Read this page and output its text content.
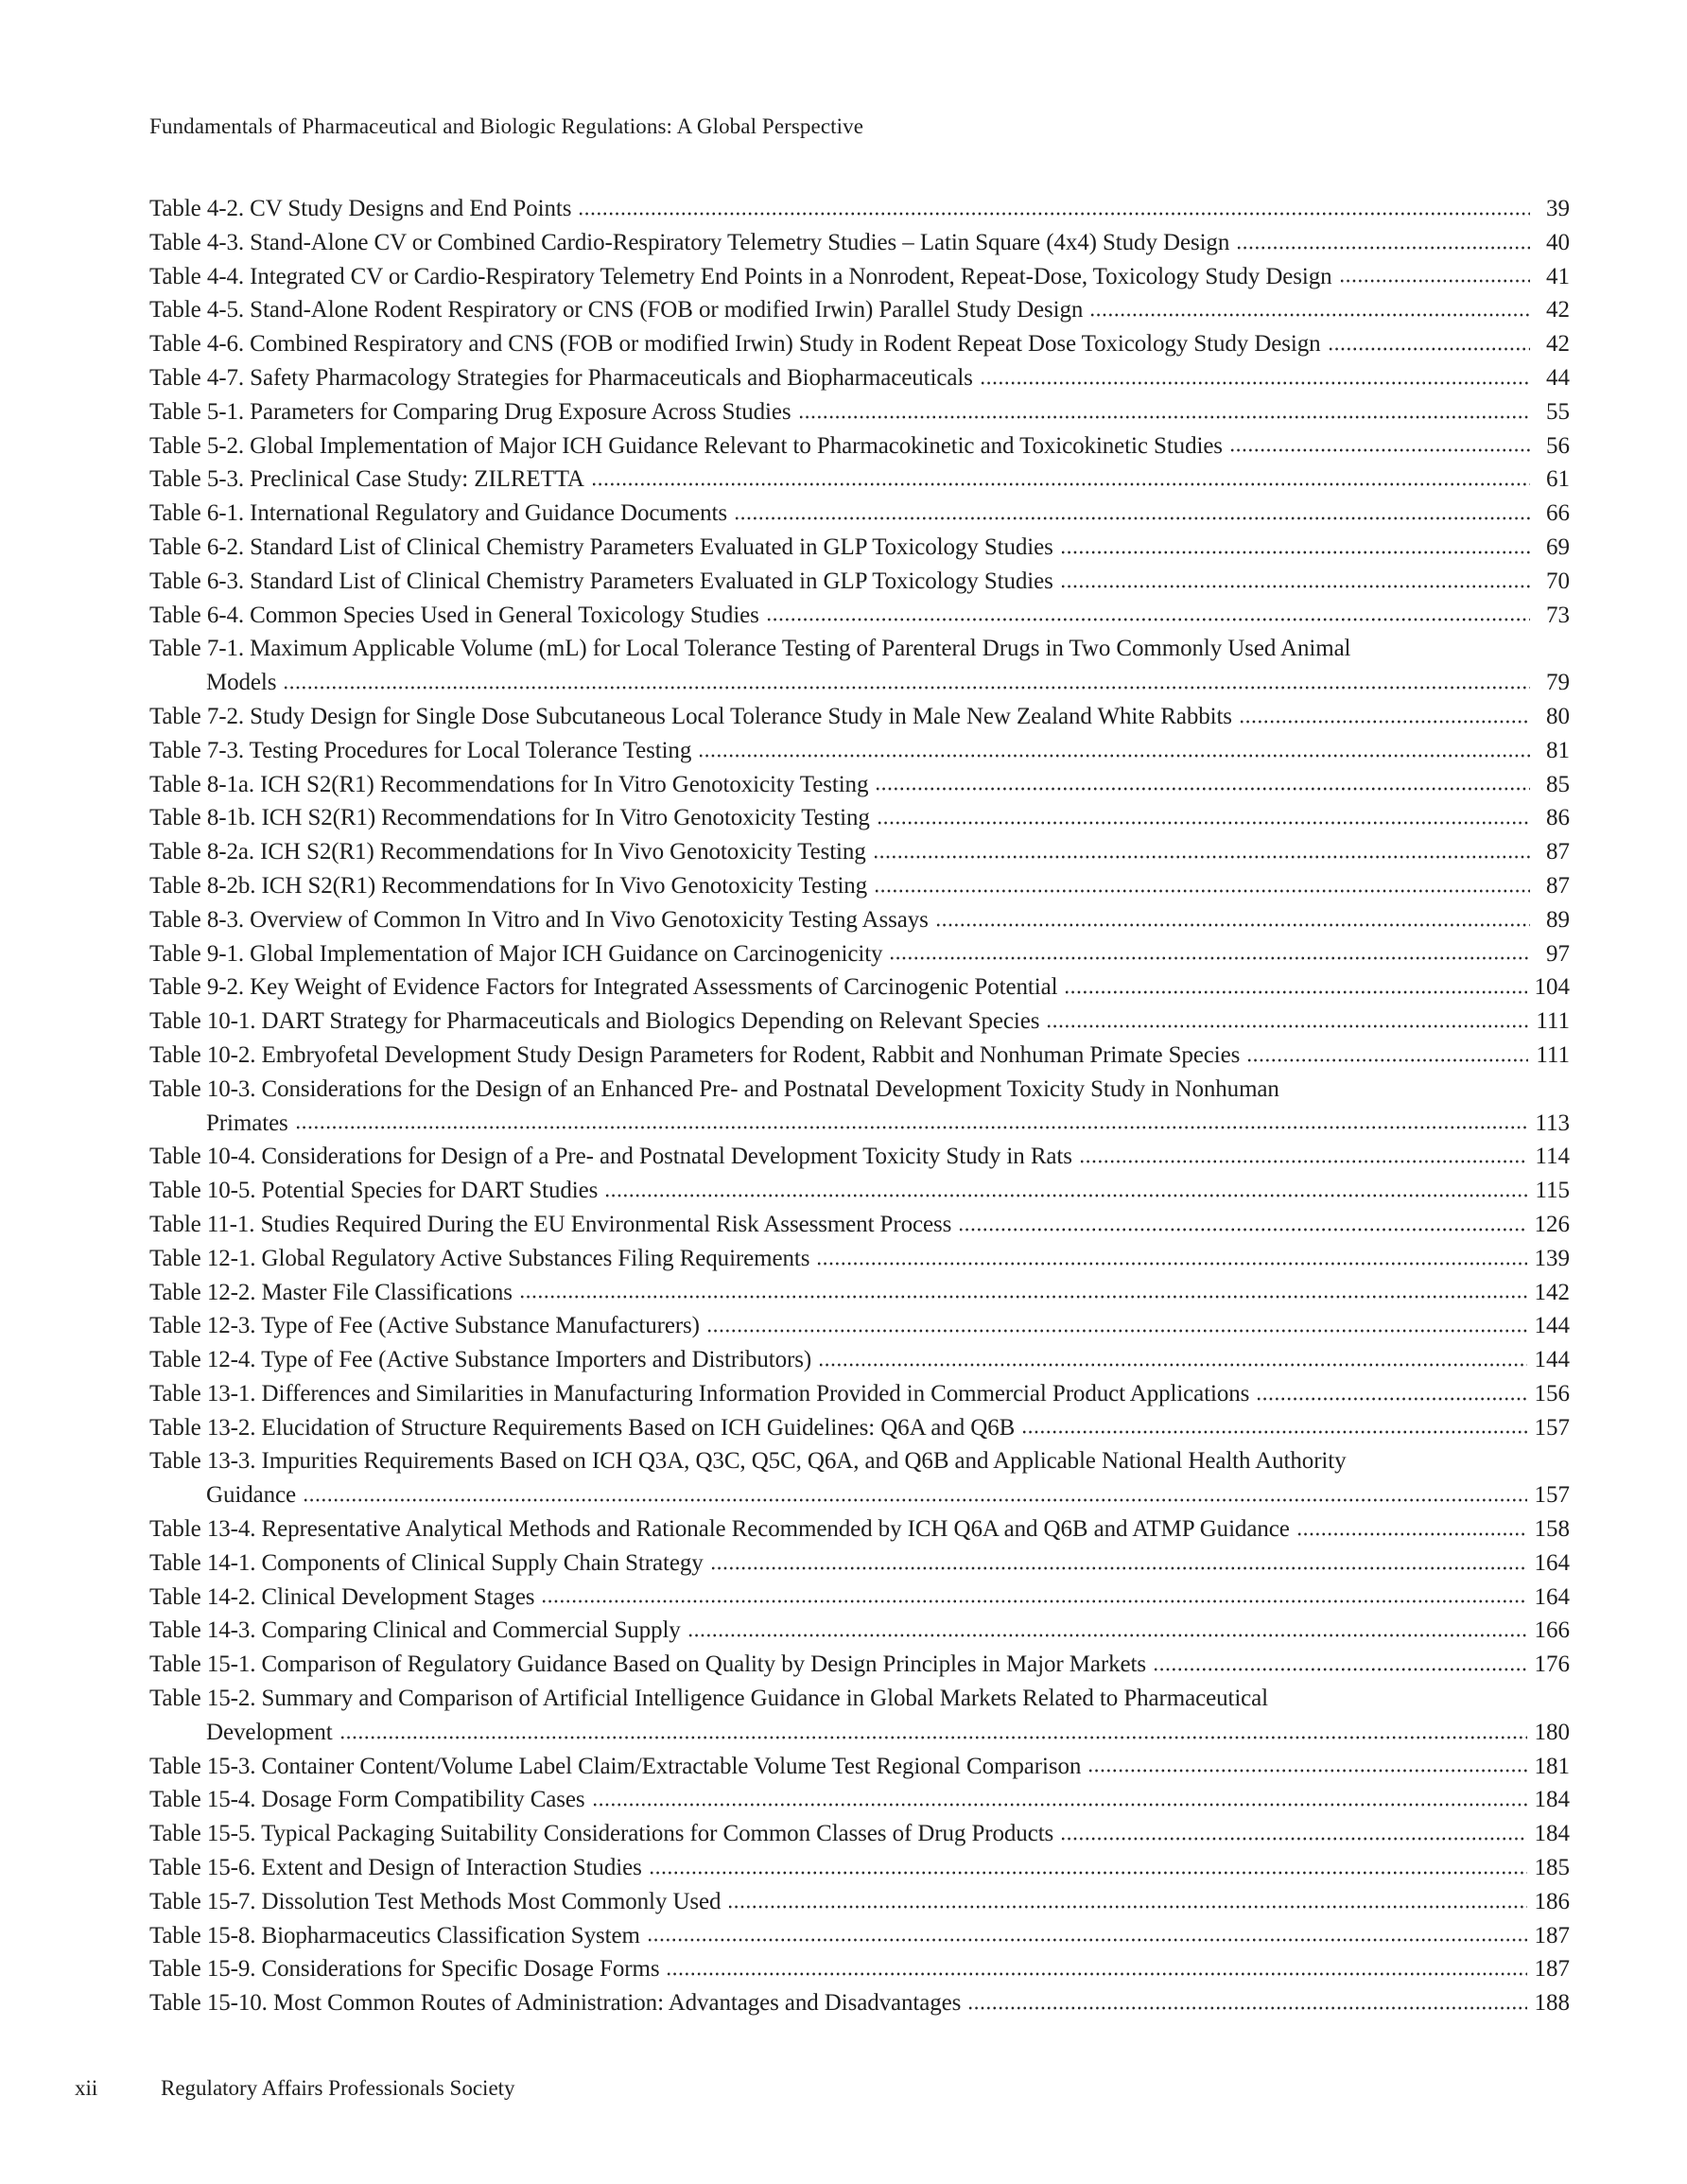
Fundamentals of Pharmaceutical and Biologic Regulations: A Global Perspective
Table 4-2. CV Study Designs and End Points	39
Table 4-3. Stand-Alone CV or Combined Cardio-Respiratory Telemetry Studies – Latin Square (4x4) Study Design	40
Table 4-4. Integrated CV or Cardio-Respiratory Telemetry End Points in a Nonrodent, Repeat-Dose, Toxicology Study Design	41
Table 4-5. Stand-Alone Rodent Respiratory or CNS (FOB or modified Irwin) Parallel Study Design	42
Table 4-6. Combined Respiratory and CNS (FOB or modified Irwin) Study in Rodent Repeat Dose Toxicology Study Design	42
Table 4-7. Safety Pharmacology Strategies for Pharmaceuticals and Biopharmaceuticals	44
Table 5-1. Parameters for Comparing Drug Exposure Across Studies	55
Table 5-2. Global Implementation of Major ICH Guidance Relevant to Pharmacokinetic and Toxicokinetic Studies	56
Table 5-3. Preclinical Case Study: ZILRETTA	61
Table 6-1. International Regulatory and Guidance Documents	66
Table 6-2. Standard List of Clinical Chemistry Parameters Evaluated in GLP Toxicology Studies	69
Table 6-3. Standard List of Clinical Chemistry Parameters Evaluated in GLP Toxicology Studies	70
Table 6-4. Common Species Used in General Toxicology Studies	73
Table 7-1. Maximum Applicable Volume (mL) for Local Tolerance Testing of Parenteral Drugs in Two Commonly Used Animal
Models	79
Table 7-2. Study Design for Single Dose Subcutaneous Local Tolerance Study in Male New Zealand White Rabbits	80
Table 7-3. Testing Procedures for Local Tolerance Testing	81
Table 8-1a. ICH S2(R1) Recommendations for In Vitro Genotoxicity Testing	85
Table 8-1b. ICH S2(R1) Recommendations for In Vitro Genotoxicity Testing	86
Table 8-2a. ICH S2(R1) Recommendations for In Vivo Genotoxicity Testing	87
Table 8-2b. ICH S2(R1) Recommendations for In Vivo Genotoxicity Testing	87
Table 8-3. Overview of Common In Vitro and In Vivo Genotoxicity Testing Assays	89
Table 9-1. Global Implementation of Major ICH Guidance on Carcinogenicity	97
Table 9-2. Key Weight of Evidence Factors for Integrated Assessments of Carcinogenic Potential	104
Table 10-1. DART Strategy for Pharmaceuticals and Biologics Depending on Relevant Species	111
Table 10-2. Embryofetal Development Study Design Parameters for Rodent, Rabbit and Nonhuman Primate Species	111
Table 10-3. Considerations for the Design of an Enhanced Pre- and Postnatal Development Toxicity Study in Nonhuman
Primates	113
Table 10-4. Considerations for Design of a Pre- and Postnatal Development Toxicity Study in Rats	114
Table 10-5. Potential Species for DART Studies	115
Table 11-1. Studies Required During the EU Environmental Risk Assessment Process	126
Table 12-1. Global Regulatory Active Substances Filing Requirements	139
Table 12-2. Master File Classifications	142
Table 12-3. Type of Fee (Active Substance Manufacturers)	144
Table 12-4. Type of Fee (Active Substance Importers and Distributors)	144
Table 13-1. Differences and Similarities in Manufacturing Information Provided in Commercial Product Applications	156
Table 13-2. Elucidation of Structure Requirements Based on ICH Guidelines: Q6A and Q6B	157
Table 13-3. Impurities Requirements Based on ICH Q3A, Q3C, Q5C, Q6A, and Q6B and Applicable National Health Authority
Guidance	157
Table 13-4. Representative Analytical Methods and Rationale Recommended by ICH Q6A and Q6B and ATMP Guidance	158
Table 14-1. Components of Clinical Supply Chain Strategy	164
Table 14-2. Clinical Development Stages	164
Table 14-3. Comparing Clinical and Commercial Supply	166
Table 15-1. Comparison of Regulatory Guidance Based on Quality by Design Principles in Major Markets	176
Table 15-2. Summary and Comparison of Artificial Intelligence Guidance in Global Markets Related to Pharmaceutical
Development	180
Table 15-3. Container Content/Volume Label Claim/Extractable Volume Test Regional Comparison	181
Table 15-4. Dosage Form Compatibility Cases	184
Table 15-5. Typical Packaging Suitability Considerations for Common Classes of Drug Products	184
Table 15-6. Extent and Design of Interaction Studies	185
Table 15-7. Dissolution Test Methods Most Commonly Used	186
Table 15-8. Biopharmaceutics Classification System	187
Table 15-9. Considerations for Specific Dosage Forms	187
Table 15-10. Most Common Routes of Administration: Advantages and Disadvantages	188
xii	Regulatory Affairs Professionals Society
